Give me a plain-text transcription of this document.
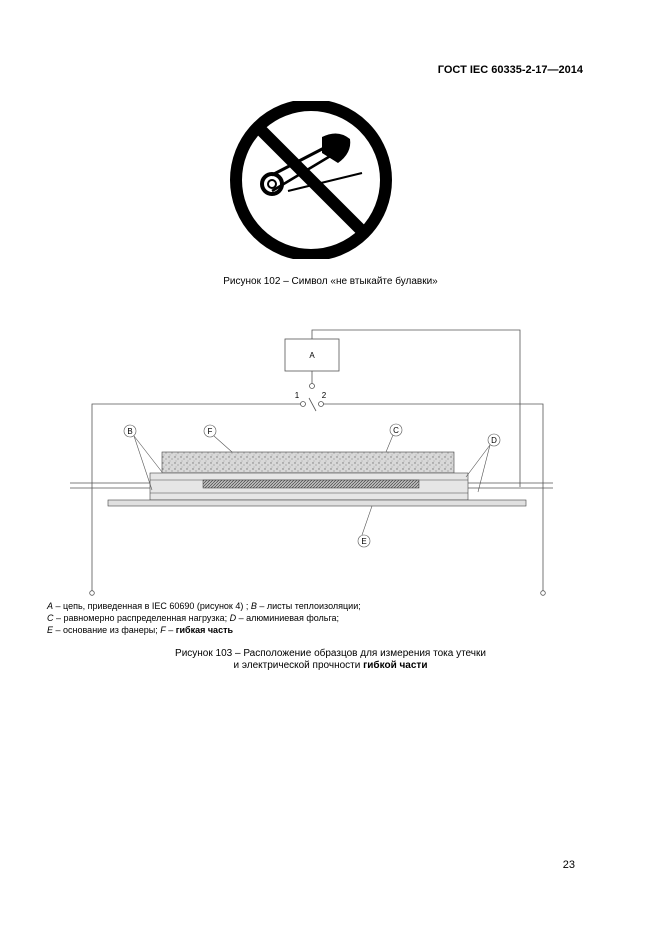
ГОСТ IEC 60335-2-17—2014
Рисунок 102 – Символ «не втыкайте булавки»
A
1	2
B	F	C
D
E
A – цепь, приведенная в IEC 60690 (рисунок 4) ; B – листы теплоизоляции;
C – равномерно распределенная нагрузка; D – алюминиевая фольга;
E – основание из фанеры; F – гибкая часть
Рисунок 103 – Расположение образцов для измерения тока утечки
и электрической прочности гибкой части
23
